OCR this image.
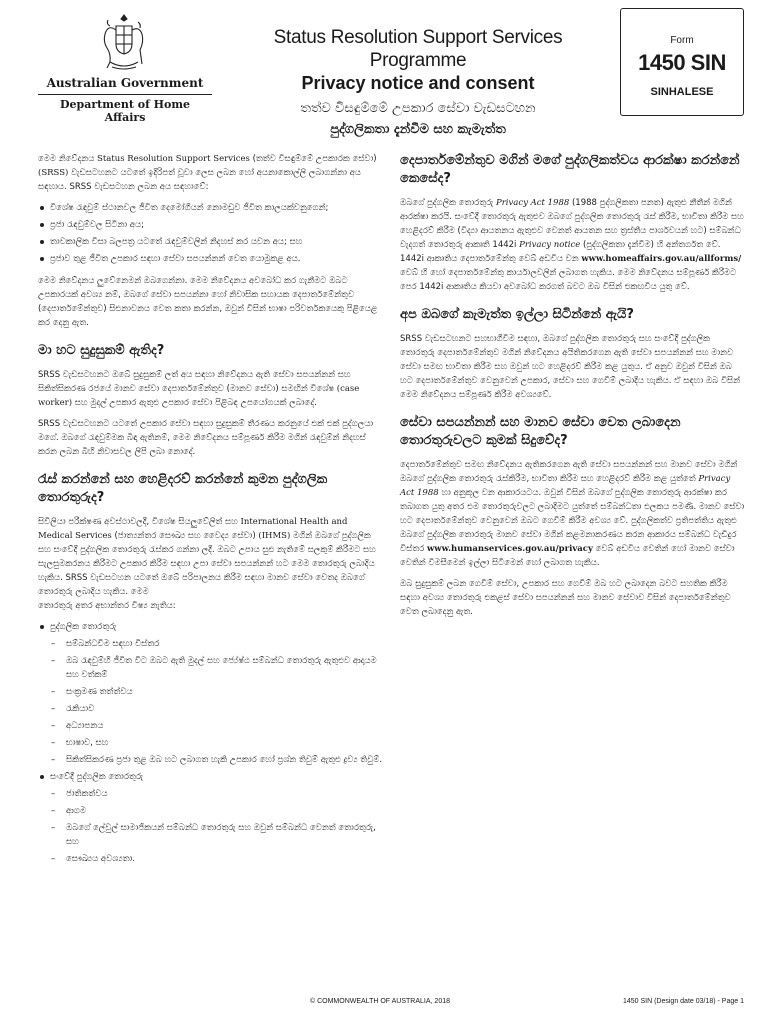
Australian Government
Department of Home Affairs
Status Resolution Support Services Programme
Privacy notice and consent
තත්ව විසඳුම්මේ උපකාර සේවා වැඩසටහන
පුද්ගලිකතා දැන්වීම සහ කැමැත්ත
Form
1450 SIN
SINHALESE

මෙම නිවේදනය Status Resolution Support Services (තත්ව විසඳුම්මේ උපකාරක සේවා) (SRSS) වැඩසටහනට යටතේ ඉදිරිපත් වූවා ලෙස ලබන හෝ අයනාකොල්ලි ලබාගන්නා අය සඳහාය. SRSS වැඩසටහන ලබන අය සඳහාවේ:

විශේෂ රැඳවුම් ස්ථානවල ජීවිත දෙමෝගියන් නොමඩුව ජීවිත කාලයක්වනුගෙන්;
ප්‍රජා රැඳවුම්වල සිටිනා අය;
තාවකාලික වීසා බලපත්‍ර යටතේ රැඳවුම්වලින් නිදහස් කර යවන අය; සහ
ප්‍රජාව තුළ ජීවිත උපකාර සඳහා සේවා සපයන්නන් වෙත යොමුකළ අය.

මෙම නිවේදනය ලුවේනෙමන් ඔබගෙන්නා. මෙම නිවේදනය අවබෝධ කර ගැනීමට ඔබට උපකාරයක් අවශ්‍ය නම්, ඔබගේ සේවා සපයන්නා හෝ නිවාසික සහායක දෙපාර්තමේන්තුව (දෙපාර්තමේන්තුව) සිළුනාවනය වෙත කතා කරන්න, ඔවුන් විසින් භාෂා පරිවර්තකයෙකු පිළියෙළ කර දෙනු ඇත.

මා හට සුදුසුකම් ඇතිද?

SRSS වැඩසටහනට ඔබේ සුදුසුකම් ලත් අය සඳහා නිවේදනය ඇති සේවා සපයන්නන් සහ සිකිත්සිකරණ රජයේ මානව සේවා දෙපාර්තමේන්තුව (මානව සේවා) සමඟින් විශේෂ (case worker) සහ මුදල් උපකාර ඇතුළු උපකාර සේවා පිළිබඳ උපයෝගයක් ලබාදේ.

SRSS වැඩසටහනට යටතේ උපකාර සේවා සඳහා සුදුසුකම් තීරණය කරනුයේ එක් එක් පුද්ගලයා මගේ. ඔබගේ රැඳවුම්මක බිඳා ඇතිනම්, මෙම නිවේදනය සම්පූර්ණ කිරීම මගින් රැඳවුම්න් නිදහස් කරන ලබන බිහි නිවාසවල ලිපි ලබා නොදේ.

රැස් කරන්නේ සහ හෙළිදරව් කරන්නේ කුමන පුද්ගලික තොරතුරුද?

සිවිලියා පරීක්ෂණ අවස්ථාවලදී, විශේෂ සියලුවේලිත් සහ International Health and Medical Services (ජාත්‍යන්තර සෞඛ්‍ය සහ වෛද්‍ය සේවා) (IHMS) මගින් ඔබගේ පුද්ගලික සහ සංවේදී පුද්ගලික තොරතුරු රැස්කර ගන්නා ලදී. ඔබට උපාය සුළු නැතිමේ සලකුම් කිරීමට සහ සැලසුමකරනය කිරීමට උපකාර කිරීම සඳහා උපා සේවා සපයන්නන් හට මෙම තොරතුරු ලබාදිය හැකිය. SRSS වැඩසටහන යටතේ ඔබේ පරිපාලනය කිරීම සඳහා මානව සේවා වෙතද ඔබගේ තොරතුරු ලබාදිය හැකිය. මෙම
තොරතුරු අතර අභාන්තර විෂ්‍ය නැතිය:

පුද්ගලික තොරතුරු
– සම්බන්ධවීම සඳහා විස්තර
– ඔබ රැඳවුම්හි ජීවිත වීට ඔබට ඇති මුදල් සහ ජ්‍යේෂ්ඨ සම්බන්ධ තොරතුරු ඇතුළුව ආදායම සහ වත්කම්
– සංක්‍රමණ තත්ත්වය
– රැකියාව
– අධ්‍යාපනය
– භාෂාව, සහ
– සිකිත්සිකරණ ප්‍රජා තුළ ඔබ හට ලබාගත හැකි උපකාර හෝ ප්‍රශ්න තිවුම් ඇතුළු ද්‍රව්‍ය තිවුම්.
සංවේදී පුද්ගලික තොරතුරු
– ජාතිකත්වය
– ආගම
– ඔබගේ ලේවුල් සාමාජිකයන් සම්බන්ධ තොරතුරු සහ ඔවුන් සම්බන්ධ වෙනත් තොරතුරු, සහ
– සෞඛ්‍යය අවශ්‍යතා.
දෙපාර්තමේන්තුව මගින් මගේ පුද්ගලිකත්වය ආරක්ෂා කරන්නේ කෙසේද?

ඔබගේ පුද්ගලික තොරතුරු Privacy Act 1988 (1988 පුද්ගලිකතා පනත) ඇතුළු නීතීන් මගින් ආරක්ෂා කරයි. සංවේදී තොරතුරු ඇතුළුව ඔබගේ පුද්ගලික තොරතුරු රැස් කිරීම, භාවිතා කිරීම සහ හෙළිදරව් කිරීම (විද්‍යා ආයතනය ඇතුළුව වෙනත් ආයතන සහ ත්‍රස්තීය පාර්ශවයන් හට) සම්බන්ධ වැදගත් තොරතුරු ආකෘති 1442i Privacy notice (පුද්ගලිකතා දැන්වීම) හි අන්තර්ගත වේ. 1442i ආකෘතිය දෙපාර්තමේන්තු වෙබ් අඩවිය වන www.homeaffairs.gov.au/allforms/ වෙබ් හි හෝ දෙපාර්තමේන්තු කාර්යාලවලින් ලබාගත හැකිය. මෙම නිවේදනය සම්පූර්ණ කිරීමට පෙර 1442i ආකෘතිය කියවා අවබෝධ කරගත් බවට ඔබ විසින් එකඟවිය යුතු වේ.

අප ඔබගේ කැමැත්ත ඉල්ලා සිටින්නේ ඇයි?

SRSS වැඩසටහනට සහභාගීවීම සඳහා, ඔබගේ පුද්ගලික තොරතුරු සහ සංවේදී පුද්ගලික තොරතුරු දෙපාර්තමේන්තුව මගින් නිවේදනය අයිතිකරගෙන ඇති සේවා සපයන්නන් සහ මානව සේවා සමඟ භාවිතා කිරීම සහ ඔවුන් හට හෙළිදරව් කිරීම කළ යුතුය. ඒ අනුව ඔවුන් විසින් ඔබ හට දෙපාර්තමේන්තුව වෙනුවෙන් උපකාර, සේවා සහ ගෙවීම් ලබාදිය හැකිය. ඒ සඳහා ඔබ විසින් මෙම නිවේදනය සම්පූර්ණ කිරීම අවශ්‍යවේ.

සේවා සපයන්නන් සහ මානව සේවා වෙත ලබාදෙන තොරතුරුවලට කුමක් සිදුවේද?

දෙපාර්තමේන්තුව සමඟ නිවේදනය ඇතිකරගෙන ඇති සේවා සපයන්නන් සහ මානව සේවා මගින් ඔබගේ පුද්ගලික තොරතුරු රැස්කිරීම, භාවිතා කිරීම සහ හෙළිදරව් කිරීම කළ යුත්තේ Privacy Act 1988 හා අනුකූල වන ආකාරයටය. ඔවුන් විසින් ඔබගේ පුද්ගලික තොරතුරු ආරක්ෂා කර තබාගත යුතු අතර එම තොරතුරුවලට ලබාදිමට යුත්තේ සම්බන්ධතා එලකය පමණි. මානව සේවා හට දෙපාර්තමේන්තුව වෙනුවෙන් ඔබට ගෙවීම් කිරීම අවශ්‍ය වේ. පුද්ගලිකත්ව ප්‍රතිපත්තිය ඇතුළු ඔබගේ පුද්ගලික තොරතුරු මානව සේවා මගින් කළමනාකරණය කරන ආකාරය සම්බන්ධ වැඩිදුර විස්තර www.humanservices.gov.au/privacy වෙබ් අඩවිය වෙතින් හෝ මානව සේවා වෙතින් විමසීමෙන් ඉල්ලා සිටීමෙන් හෝ ලබාගත හැකිය.

ඔබ සුදුසුකම් ලබන ගෙවීම් සේවා, උපකාර සහ ගෙවීම් ඔබ හට ලබාදෙන බවට සහතික කිරීම සඳහා අවශ්‍ය තොරතුරු එකළස් සේවා සපයන්නන් සහ මානව සේවාව විසින් දෙපාර්තමේන්තුව වෙත ලබාදෙනු ඇත.

© COMMONWEALTH OF AUSTRALIA, 2018	1450 SIN (Design date 03/18) - Page 1
